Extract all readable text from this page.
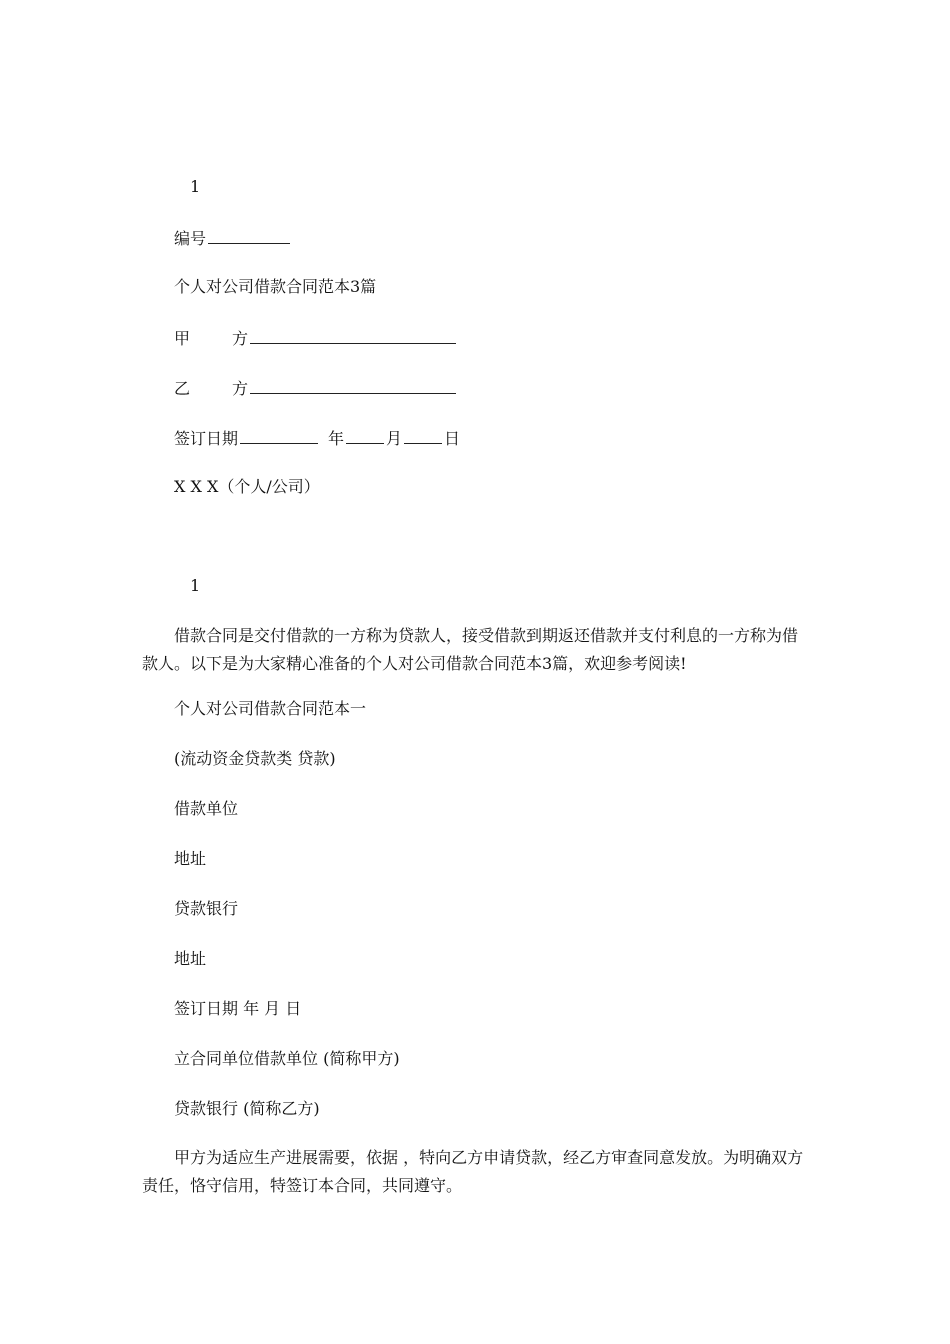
1
编号
个人对公司借款合同范本3篇
甲	方
乙	方
签订日期	年	月	日
X X X（个人/公司）
1
借款合同是交付借款的一方称为贷款人，接受借款到期返还借款并支付利息的一方称为借款人。以下是为大家精心准备的个人对公司借款合同范本3篇，欢迎参考阅读!
个人对公司借款合同范本一
(流动资金贷款类 贷款)
借款单位
地址
贷款银行
地址
签订日期 年 月 日
立合同单位借款单位 (简称甲方)
贷款银行 (简称乙方)
甲方为适应生产进展需要，依据 ，特向乙方申请贷款，经乙方审查同意发放。为明确双方责任，恪守信用，特签订本合同，共同遵守。
